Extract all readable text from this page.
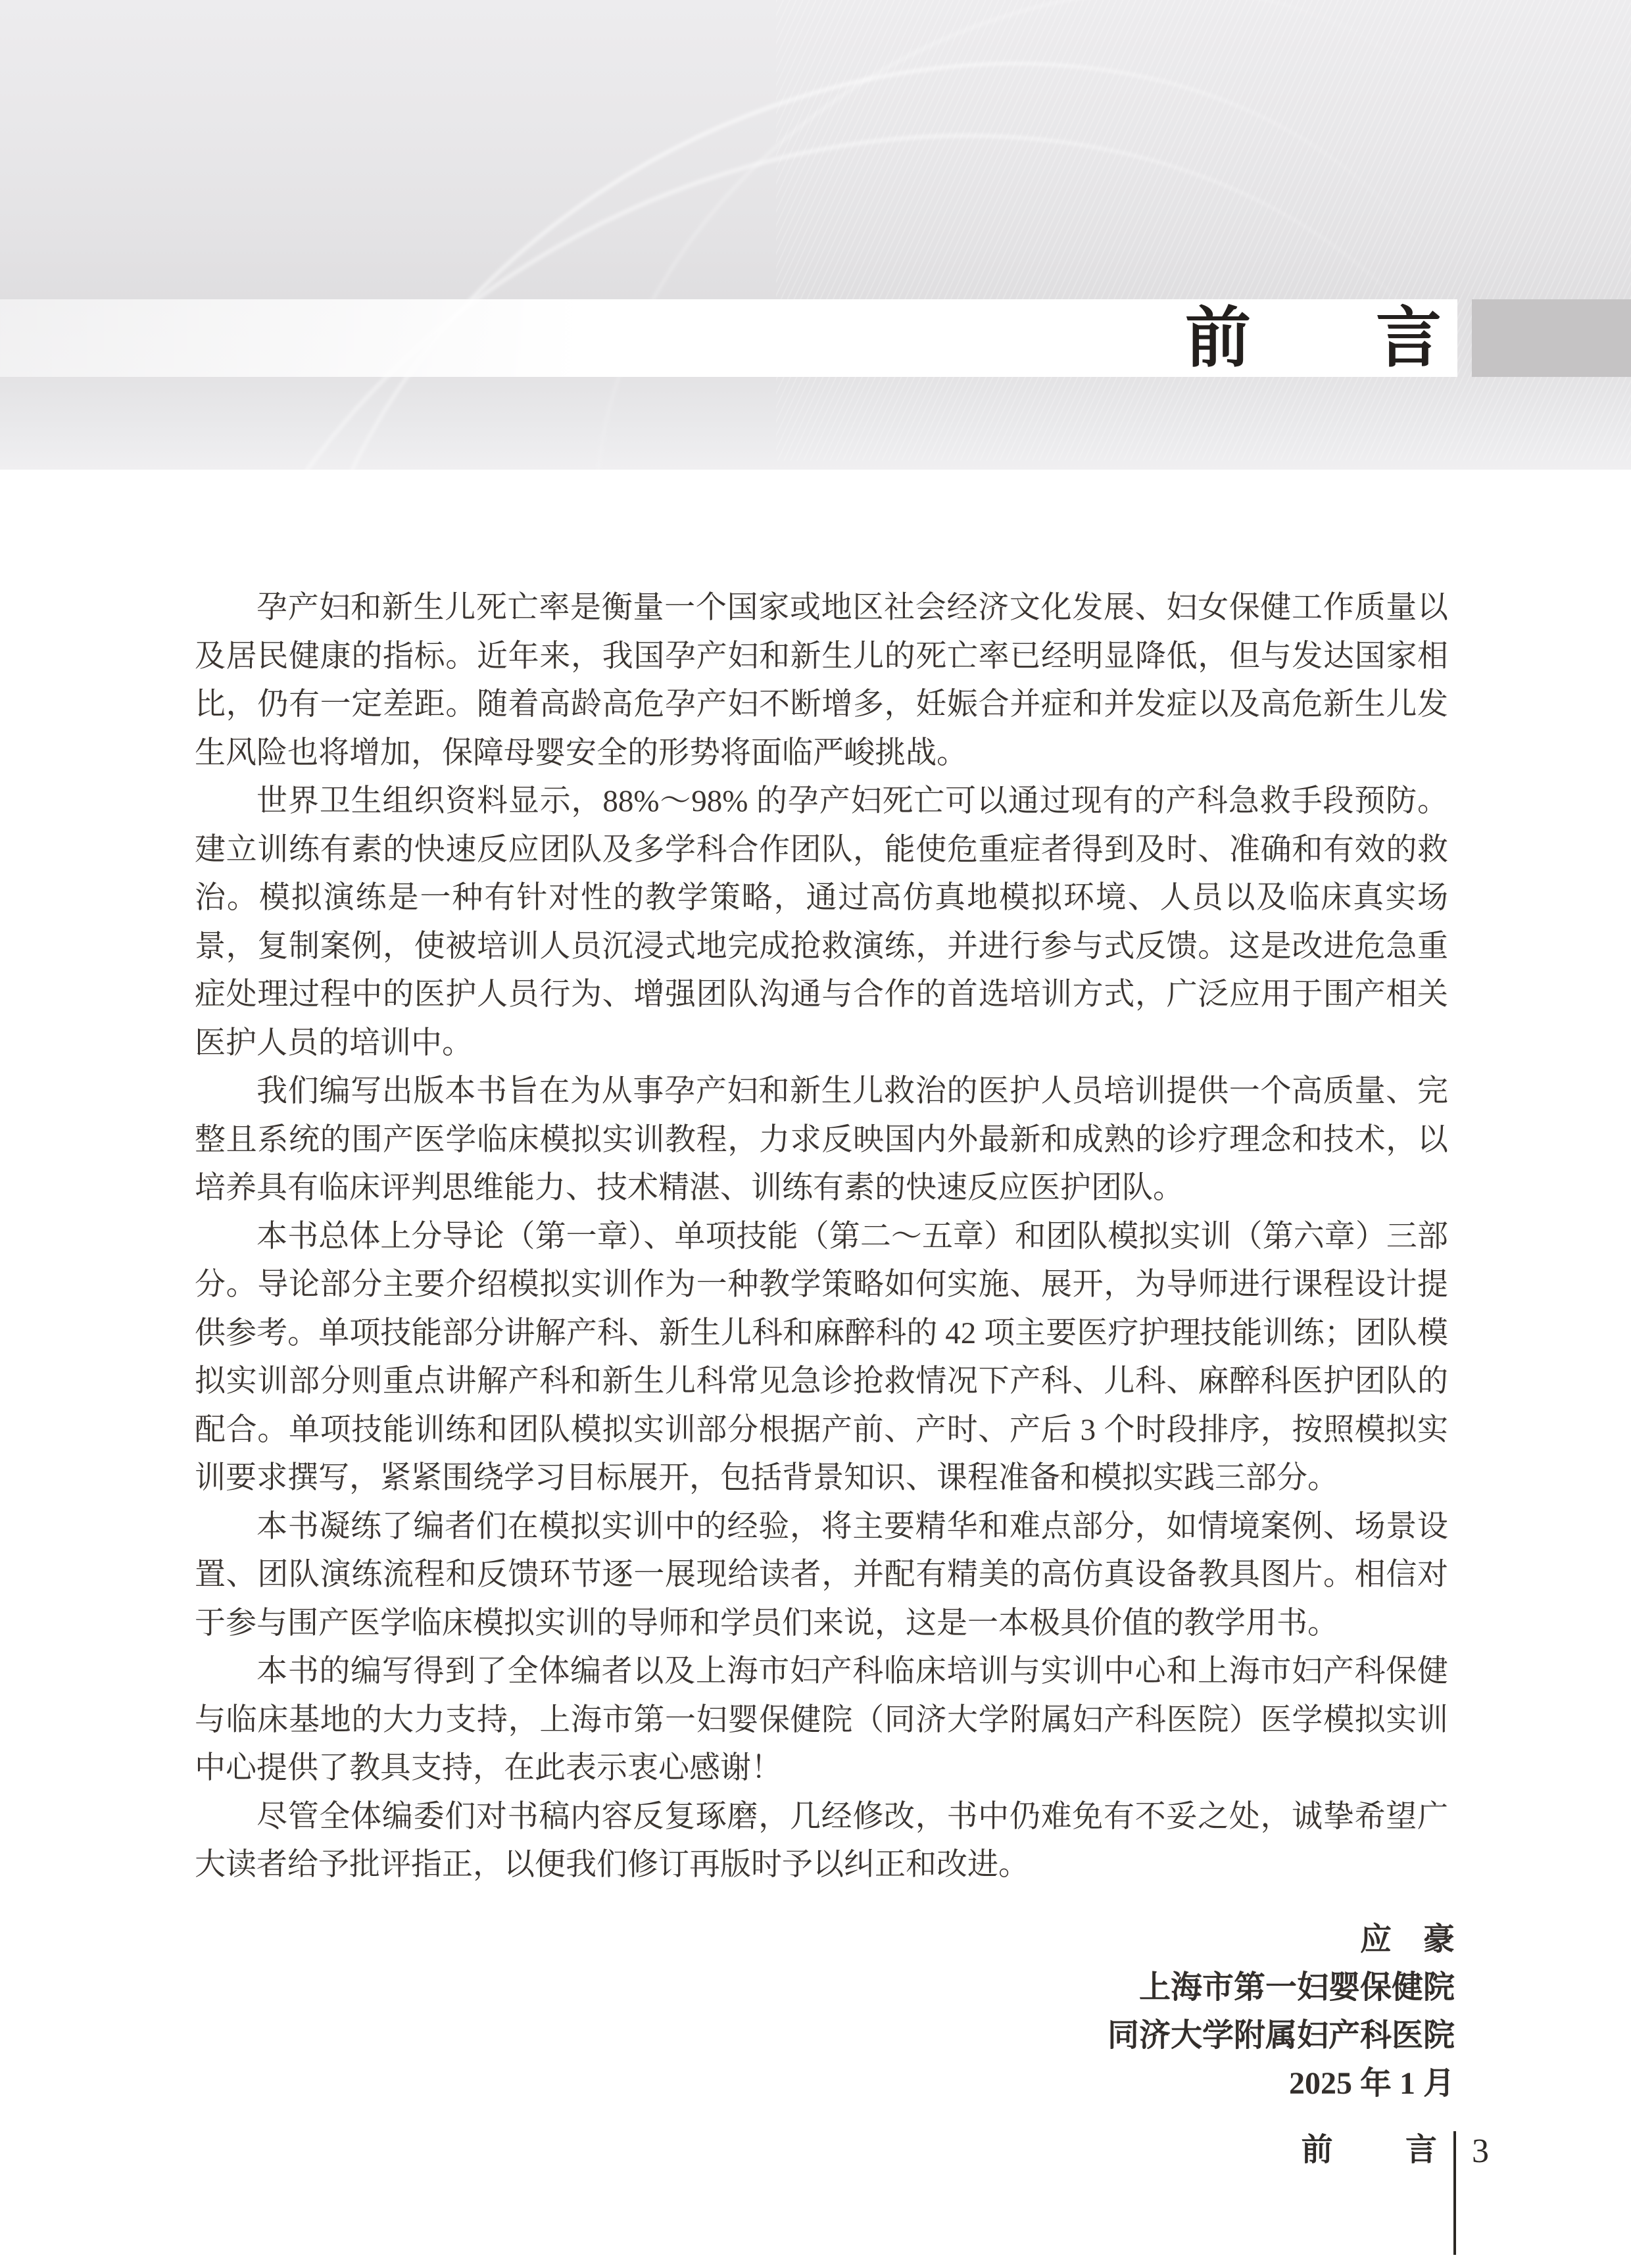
前 言

孕产妇和新生儿死亡率是衡量一个国家或地区社会经济文化发展、妇女保健工作质量以及居民健康的指标。近年来，我国孕产妇和新生儿的死亡率已经明显降低，但与发达国家相比，仍有一定差距。随着高龄高危孕产妇不断增多，妊娠合并症和并发症以及高危新生儿发生风险也将增加，保障母婴安全的形势将面临严峻挑战。

世界卫生组织资料显示，88%～98% 的孕产妇死亡可以通过现有的产科急救手段预防。建立训练有素的快速反应团队及多学科合作团队，能使危重症者得到及时、准确和有效的救治。模拟演练是一种有针对性的教学策略，通过高仿真地模拟环境、人员以及临床真实场景，复制案例，使被培训人员沉浸式地完成抢救演练，并进行参与式反馈。这是改进危急重症处理过程中的医护人员行为、增强团队沟通与合作的首选培训方式，广泛应用于围产相关医护人员的培训中。

我们编写出版本书旨在为从事孕产妇和新生儿救治的医护人员培训提供一个高质量、完整且系统的围产医学临床模拟实训教程，力求反映国内外最新和成熟的诊疗理念和技术，以培养具有临床评判思维能力、技术精湛、训练有素的快速反应医护团队。

本书总体上分导论（第一章）、单项技能（第二～五章）和团队模拟实训（第六章）三部分。导论部分主要介绍模拟实训作为一种教学策略如何实施、展开，为导师进行课程设计提供参考。单项技能部分讲解产科、新生儿科和麻醉科的 42 项主要医疗护理技能训练；团队模拟实训部分则重点讲解产科和新生儿科常见急诊抢救情况下产科、儿科、麻醉科医护团队的配合。单项技能训练和团队模拟实训部分根据产前、产时、产后 3 个时段排序，按照模拟实训要求撰写，紧紧围绕学习目标展开，包括背景知识、课程准备和模拟实践三部分。

本书凝练了编者们在模拟实训中的经验，将主要精华和难点部分，如情境案例、场景设置、团队演练流程和反馈环节逐一展现给读者，并配有精美的高仿真设备教具图片。相信对于参与围产医学临床模拟实训的导师和学员们来说，这是一本极具价值的教学用书。

本书的编写得到了全体编者以及上海市妇产科临床培训与实训中心和上海市妇产科保健与临床基地的大力支持，上海市第一妇婴保健院（同济大学附属妇产科医院）医学模拟实训中心提供了教具支持，在此表示衷心感谢！

尽管全体编委们对书稿内容反复琢磨，几经修改，书中仍难免有不妥之处，诚挚希望广大读者给予批评指正，以便我们修订再版时予以纠正和改进。

应 豪
上海市第一妇婴保健院
同济大学附属妇产科医院
2025 年 1 月
前 言 3
